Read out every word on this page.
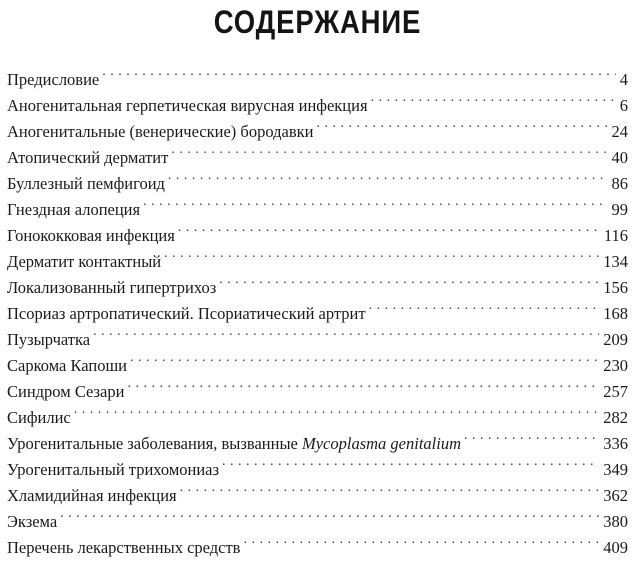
СОДЕРЖАНИЕ
Предисловие . . .	4
Аногенитальная герпетическая вирусная инфекция . . .	6
Аногенитальные (венерические) бородавки . . .	24
Атопический дерматит . . .	40
Буллезный пемфигоид . . .	86
Гнездная алопеция . . .	99
Гонококковая инфекция . . .	116
Дерматит контактный . . .	134
Локализованный гипертрихоз . . .	156
Псориаз артропатический. Псориатический артрит . . .	168
Пузырчатка . . .	209
Саркома Капоши . . .	230
Синдром Сезари . . .	257
Сифилис . . .	282
Урогенитальные заболевания, вызванные Mycoplasma genitalium . . .	336
Урогенитальный трихомониаз . . .	349
Хламидийная инфекция . . .	362
Экзема . . .	380
Перечень лекарственных средств . . .	409
